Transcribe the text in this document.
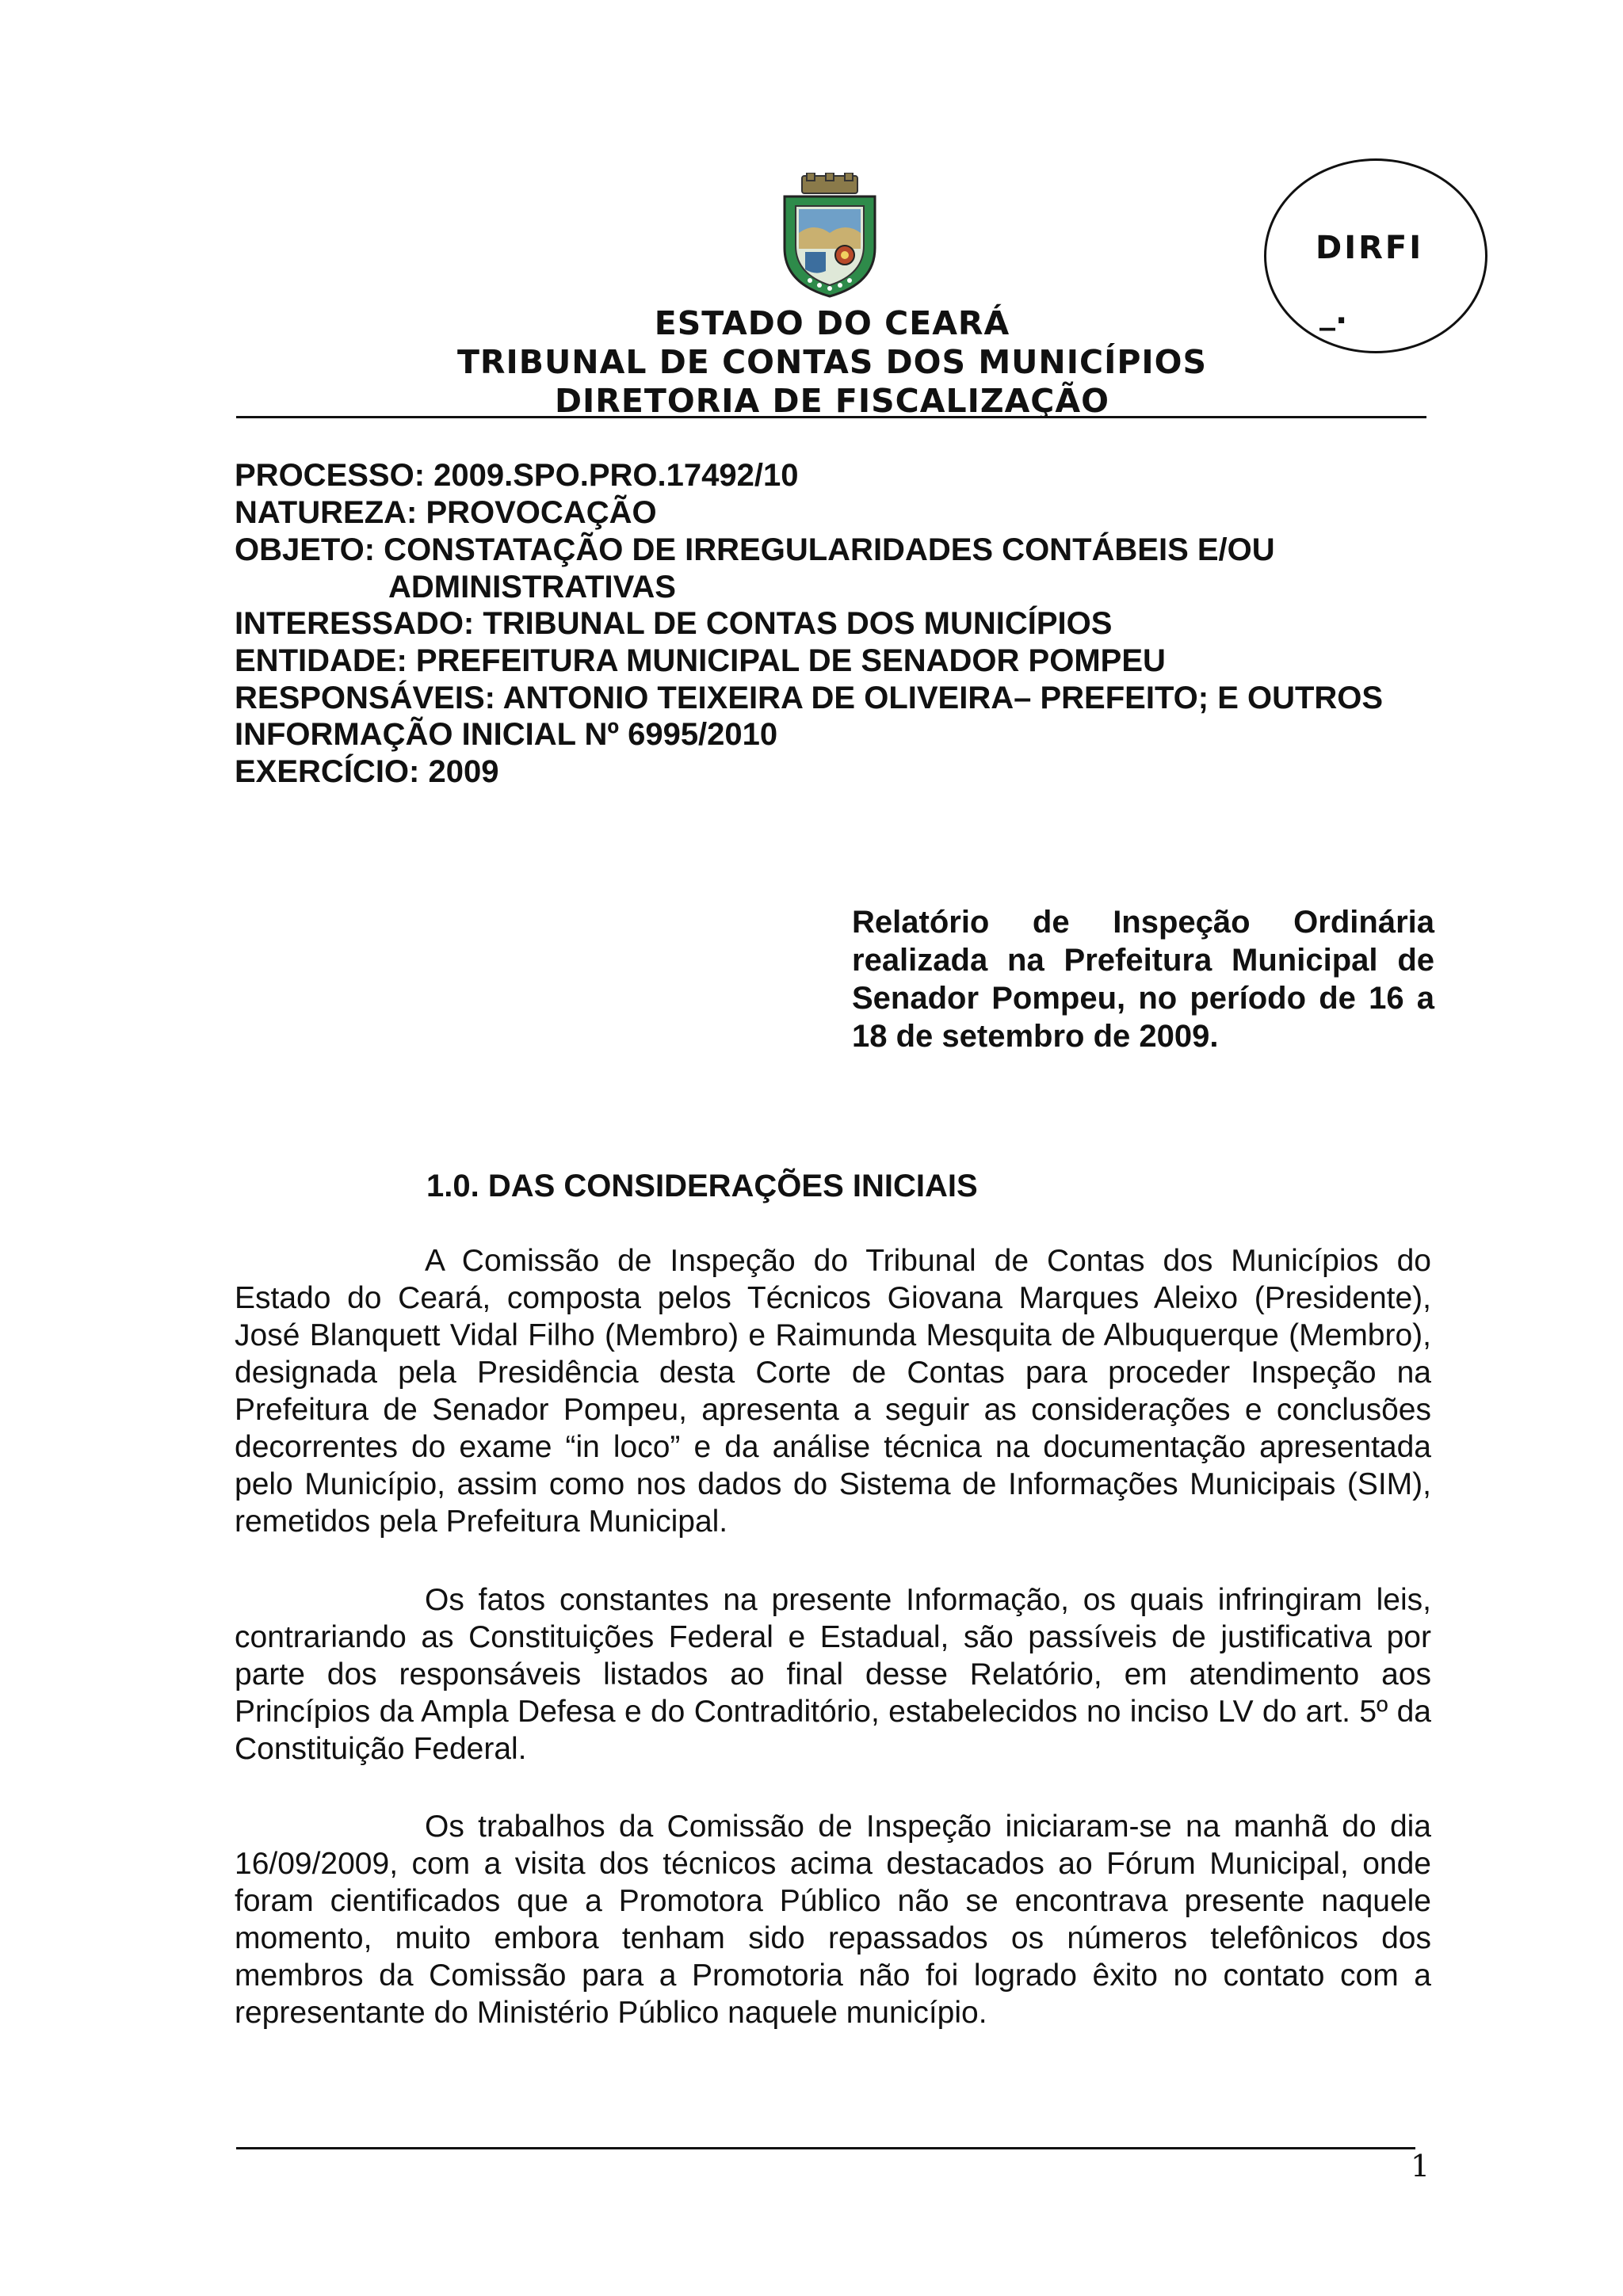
ESTADO DO CEARÁ
TRIBUNAL DE CONTAS DOS MUNICÍPIOS
DIRETORIA DE FISCALIZAÇÃO
DIRFI
_.
PROCESSO: 2009.SPO.PRO.17492/10
NATUREZA: PROVOCAÇÃO
OBJETO: CONSTATAÇÃO DE IRREGULARIDADES CONTÁBEIS E/OU
ADMINISTRATIVAS
INTERESSADO: TRIBUNAL DE CONTAS DOS MUNICÍPIOS
ENTIDADE: PREFEITURA MUNICIPAL DE SENADOR POMPEU
RESPONSÁVEIS: ANTONIO TEIXEIRA DE OLIVEIRA– PREFEITO; E OUTROS
INFORMAÇÃO INICIAL Nº 6995/2010
EXERCÍCIO: 2009
Relatório de Inspeção Ordinária realizada na Prefeitura Municipal de Senador Pompeu, no período de 16 a 18 de setembro de 2009.
1.0. DAS CONSIDERAÇÕES INICIAIS
A Comissão de Inspeção do Tribunal de Contas dos Municípios do Estado do Ceará, composta pelos Técnicos Giovana Marques Aleixo (Presidente), José Blanquett Vidal Filho (Membro) e Raimunda Mesquita de Albuquerque (Membro), designada pela Presidência desta Corte de Contas para proceder Inspeção na Prefeitura de Senador Pompeu, apresenta a seguir as considerações e conclusões decorrentes do exame “in loco” e da análise técnica na documentação apresentada pelo Município, assim como nos dados do Sistema de Informações Municipais (SIM), remetidos pela Prefeitura Municipal.
Os fatos constantes na presente Informação, os quais infringiram leis, contrariando as Constituições Federal e Estadual, são passíveis de justificativa por parte dos responsáveis listados ao final desse Relatório, em atendimento aos Princípios da Ampla Defesa e do Contraditório, estabelecidos no inciso LV do art. 5º da Constituição Federal.
Os trabalhos da Comissão de Inspeção iniciaram-se na manhã do dia 16/09/2009, com a visita dos técnicos acima destacados ao Fórum Municipal, onde foram cientificados que a Promotora Público não se encontrava presente naquele momento, muito embora tenham sido repassados os números telefônicos dos membros da Comissão para a Promotoria não foi logrado êxito no contato com a representante do Ministério Público naquele município.
1
